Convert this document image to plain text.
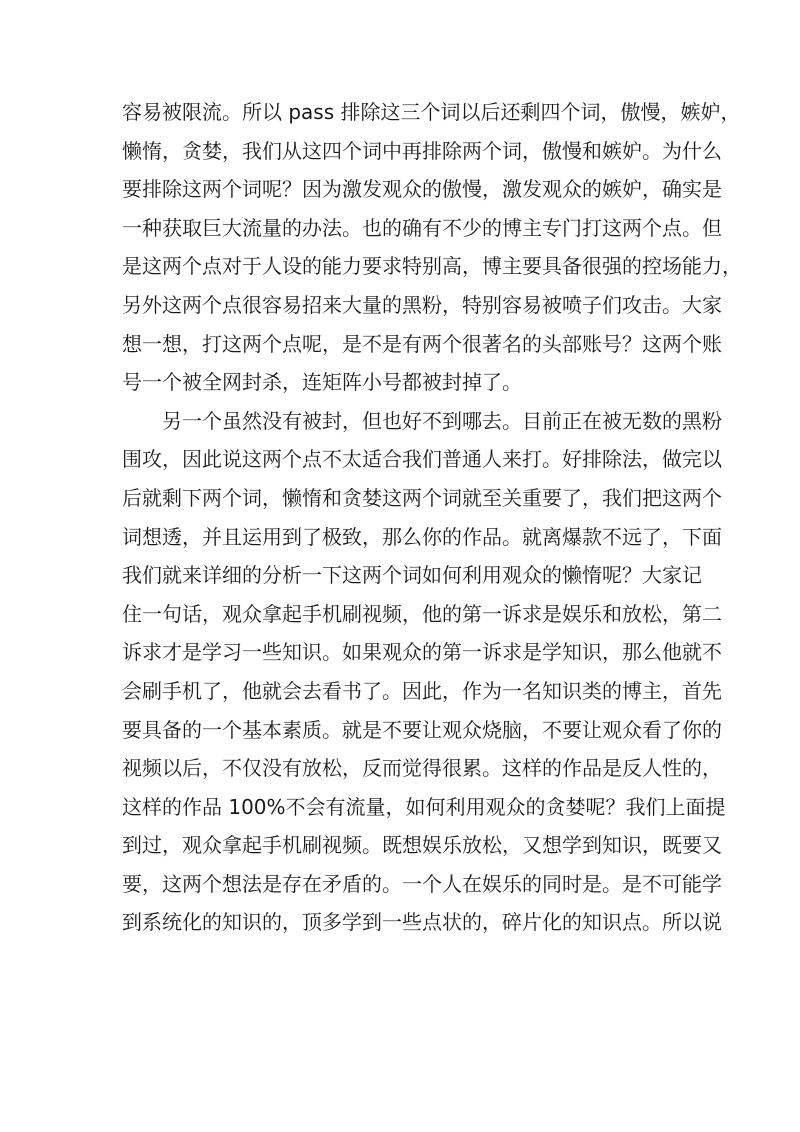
容易被限流。所以 pass 排除这三个词以后还剩四个词，傲慢，嫉妒，
懒惰，贪婪，我们从这四个词中再排除两个词，傲慢和嫉妒。为什么
要排除这两个词呢？因为激发观众的傲慢，激发观众的嫉妒，确实是
一种获取巨大流量的办法。也的确有不少的博主专门打这两个点。但
是这两个点对于人设的能力要求特别高，博主要具备很强的控场能力，
另外这两个点很容易招来大量的黑粉，特别容易被喷子们攻击。大家
想一想，打这两个点呢，是不是有两个很著名的头部账号？这两个账
号一个被全网封杀，连矩阵小号都被封掉了。
另一个虽然没有被封，但也好不到哪去。目前正在被无数的黑粉
围攻，因此说这两个点不太适合我们普通人来打。好排除法，做完以
后就剩下两个词，懒惰和贪婪这两个词就至关重要了，我们把这两个
词想透，并且运用到了极致，那么你的作品。就离爆款不远了，下面
我们就来详细的分析一下这两个词如何利用观众的懒惰呢？大家记
住一句话，观众拿起手机刷视频，他的第一诉求是娱乐和放松，第二
诉求才是学习一些知识。如果观众的第一诉求是学知识，那么他就不
会刷手机了，他就会去看书了。因此，作为一名知识类的博主，首先
要具备的一个基本素质。就是不要让观众烧脑，不要让观众看了你的
视频以后，不仅没有放松，反而觉得很累。这样的作品是反人性的，
这样的作品 100%不会有流量，如何利用观众的贪婪呢？我们上面提
到过，观众拿起手机刷视频。既想娱乐放松，又想学到知识，既要又
要，这两个想法是存在矛盾的。一个人在娱乐的同时是。是不可能学
到系统化的知识的，顶多学到一些点状的，碎片化的知识点。所以说
